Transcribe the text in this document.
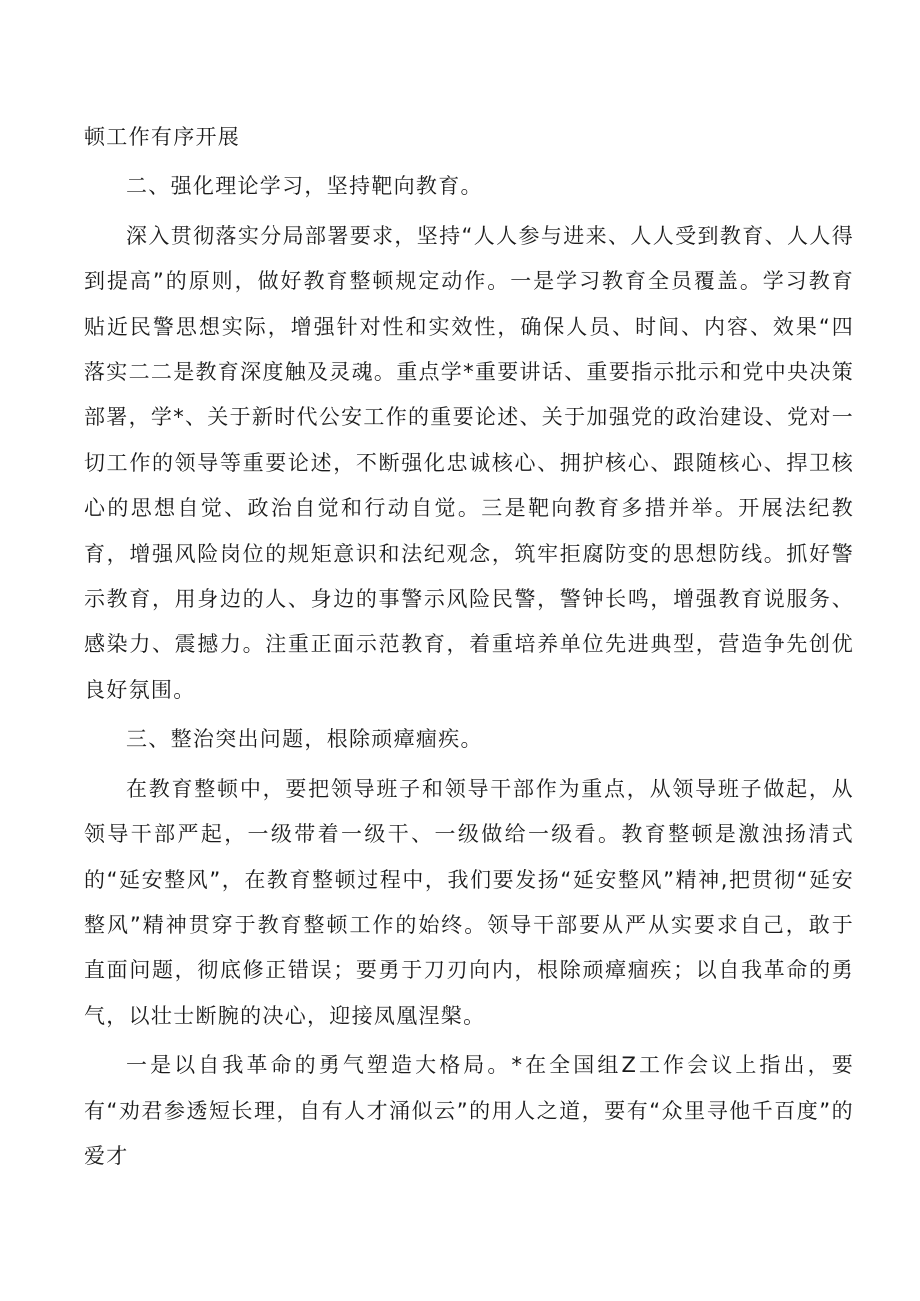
顿工作有序开展

二、强化理论学习，坚持靶向教育。

深入贯彻落实分局部署要求，坚持“人人参与进来、人人受到教育、人人得到提高”的原则，做好教育整顿规定动作。一是学习教育全员覆盖。学习教育贴近民警思想实际，增强针对性和实效性，确保人员、时间、内容、效果“四落实二二是教育深度触及灵魂。重点学*重要讲话、重要指示批示和党中央决策部署，学*、关于新时代公安工作的重要论述、关于加强党的政治建设、党对一切工作的领导等重要论述，不断强化忠诚核心、拥护核心、跟随核心、捍卫核心的思想自觉、政治自觉和行动自觉。三是靶向教育多措并举。开展法纪教育，增强风险岗位的规矩意识和法纪观念，筑牢拒腐防变的思想防线。抓好警示教育，用身边的人、身边的事警示风险民警，警钟长鸣，增强教育说服务、感染力、震撼力。注重正面示范教育，着重培养单位先进典型，营造争先创优良好氛围。

三、整治突出问题，根除顽瘴痼疾。

在教育整顿中，要把领导班子和领导干部作为重点，从领导班子做起，从领导干部严起，一级带着一级干、一级做给一级看。教育整顿是激浊扬清式的“延安整风”，在教育整顿过程中，我们要发扬“延安整风”精神,把贯彻“延安整风”精神贯穿于教育整顿工作的始终。领导干部要从严从实要求自己，敢于直面问题，彻底修正错误；要勇于刀刃向内，根除顽瘴痼疾；以自我革命的勇气，以壮士断腕的决心，迎接凤凰涅槃。

一是以自我革命的勇气塑造大格局。*在全国组Z工作会议上指出，要有“劝君参透短长理，自有人才涌似云”的用人之道，要有“众里寻他千百度”的爱才
